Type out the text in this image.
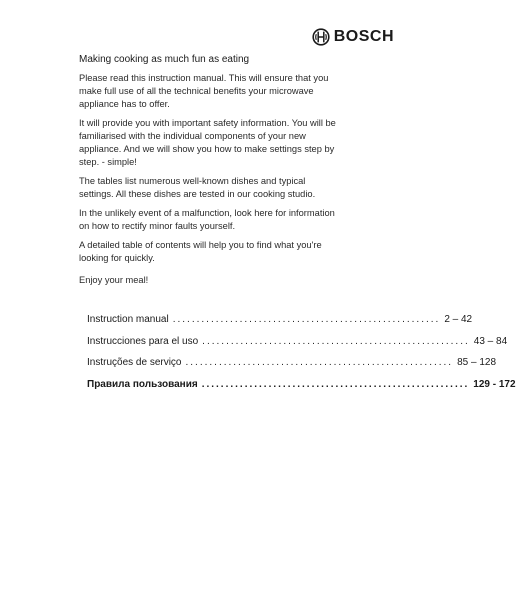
BOSCH
Making cooking as much fun as eating

Please read this instruction manual. This will ensure that you make full use of all the technical benefits your microwave appliance has to offer.

It will provide you with important safety information. You will be familiarised with the individual components of your new appliance. And we will show you how to make settings step by step. - simple!

The tables list numerous well-known dishes and typical settings. All these dishes are tested in our cooking studio.

In the unlikely event of a malfunction, look here for information on how to rectify minor faults yourself.

A detailed table of contents will help you to find what you're looking for quickly.

Enjoy your meal!
Instruction manual ........................................................ 2 – 42
Instrucciones para el uso ........................................................ 43 – 84
Instruções de serviço ........................................................ 85 – 128
Правила пользования ........................................................ 129 - 172
